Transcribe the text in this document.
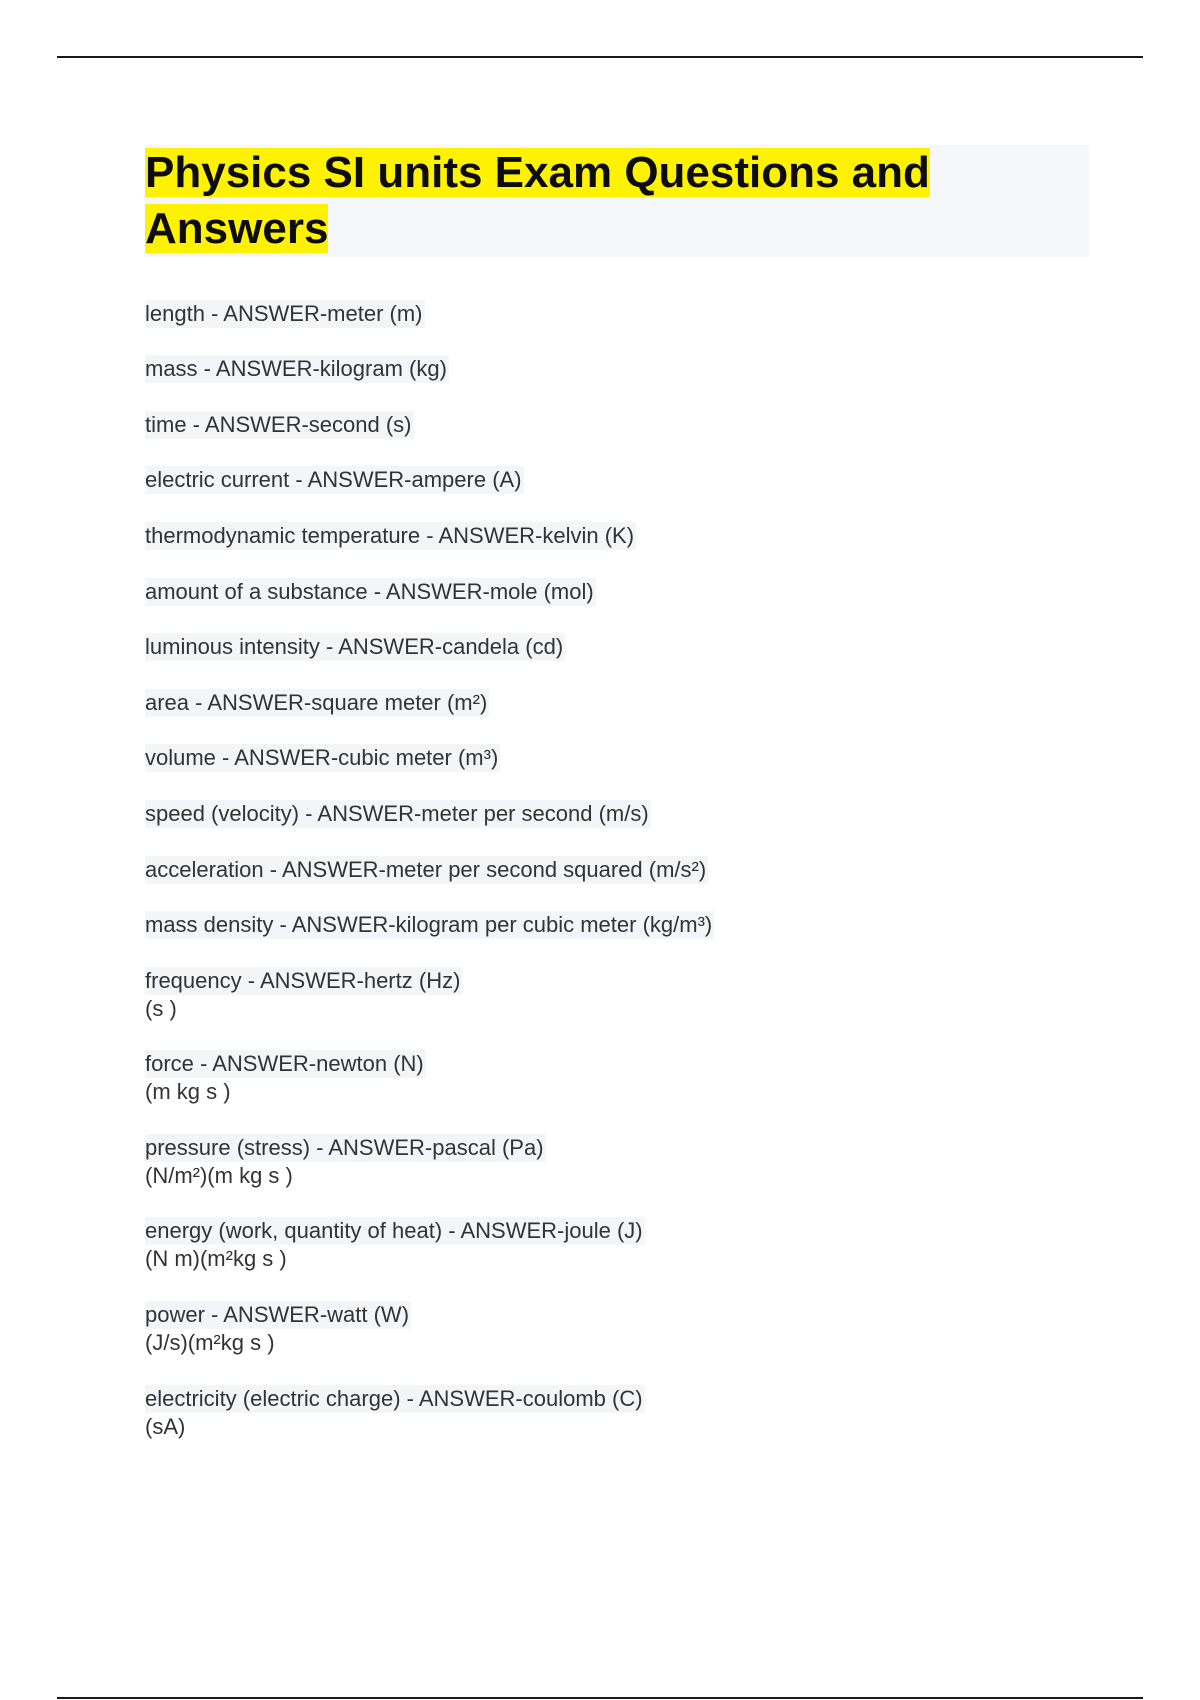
Physics SI units Exam Questions and Answers
length - ANSWER-meter (m)
mass - ANSWER-kilogram (kg)
time - ANSWER-second (s)
electric current - ANSWER-ampere (A)
thermodynamic temperature - ANSWER-kelvin (K)
amount of a substance - ANSWER-mole (mol)
luminous intensity - ANSWER-candela (cd)
area - ANSWER-square meter (m²)
volume - ANSWER-cubic meter (m³)
speed (velocity) - ANSWER-meter per second (m/s)
acceleration - ANSWER-meter per second squared (m/s²)
mass density - ANSWER-kilogram per cubic meter (kg/m³)
frequency - ANSWER-hertz (Hz)
(s )
force - ANSWER-newton (N)
(m kg s )
pressure (stress) - ANSWER-pascal (Pa)
(N/m²)(m kg s )
energy (work, quantity of heat) - ANSWER-joule (J)
(N m)(m²kg s )
power - ANSWER-watt (W)
(J/s)(m²kg s )
electricity (electric charge) - ANSWER-coulomb (C)
(sA)
